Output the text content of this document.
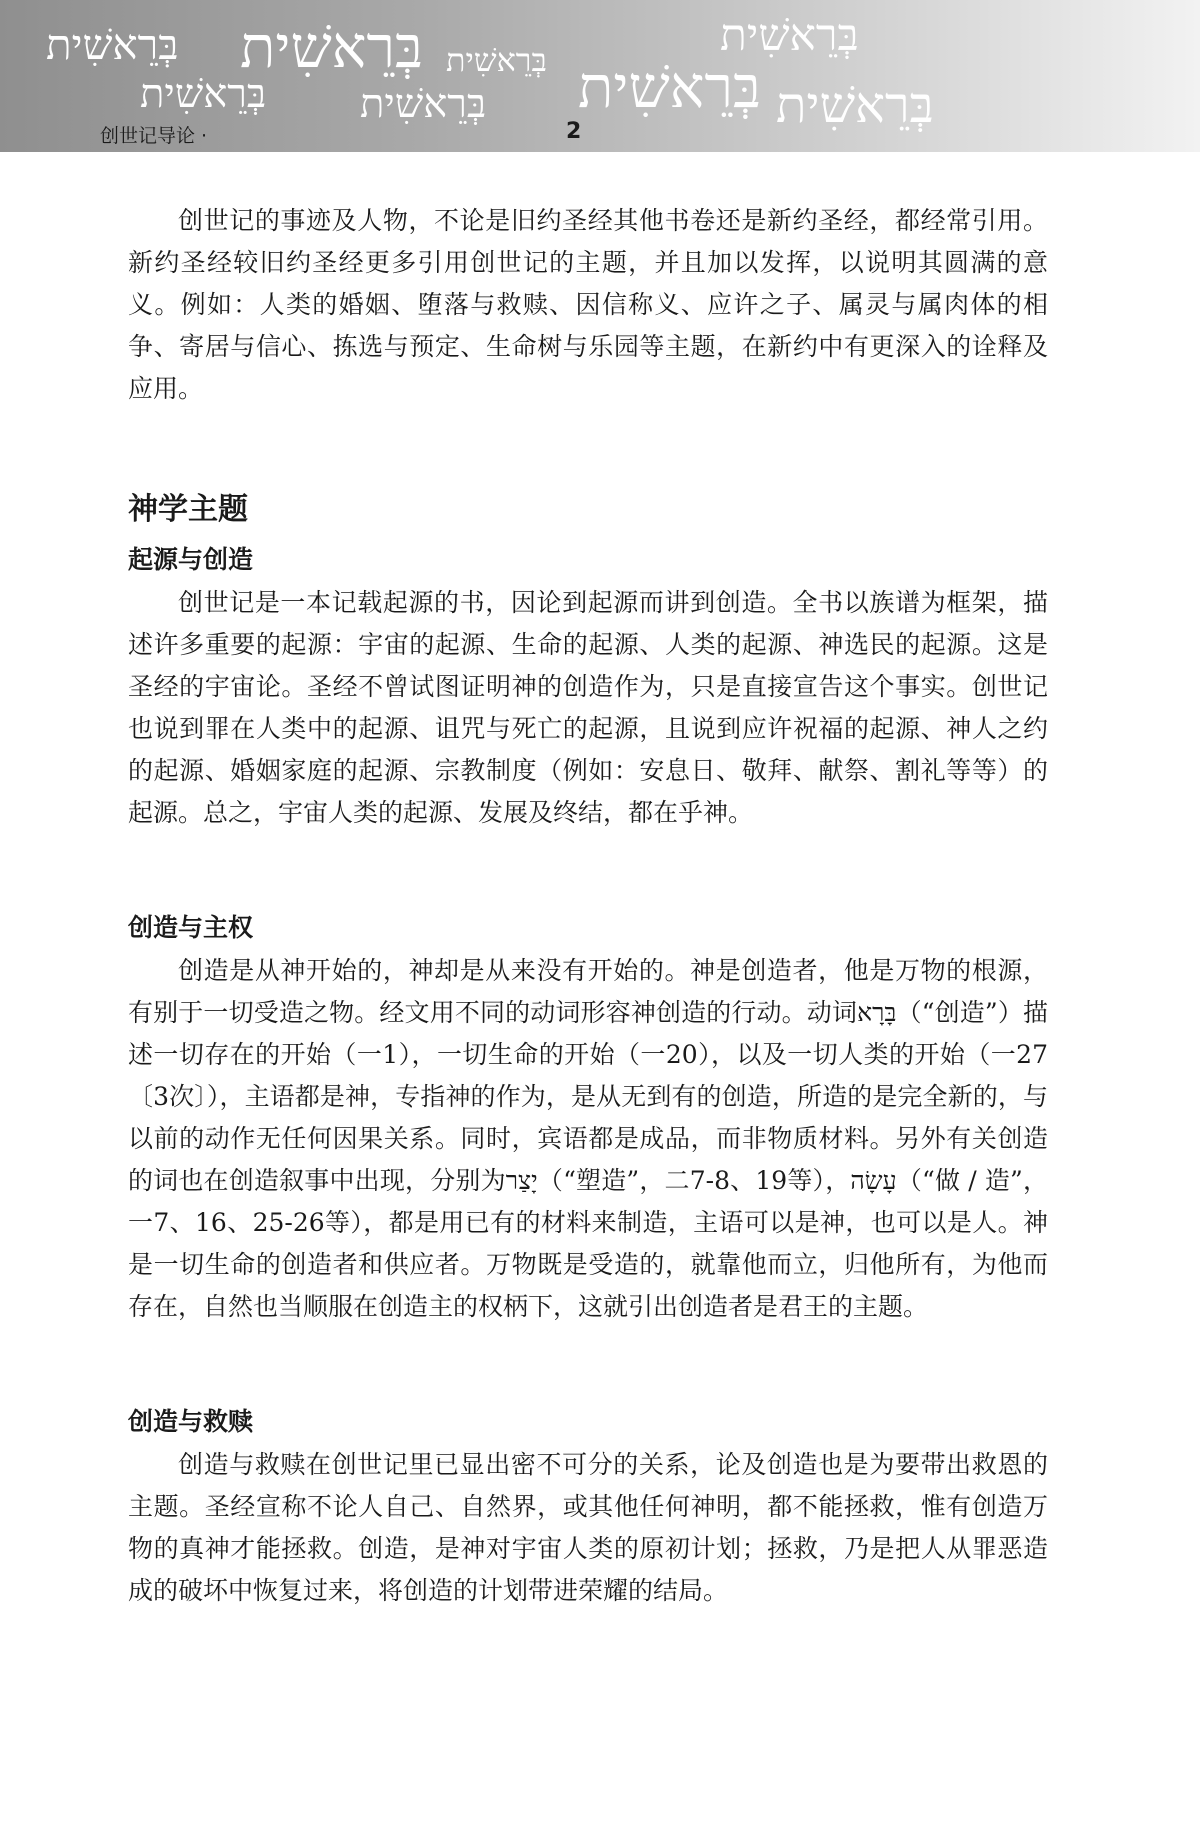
בְּרֵאשִׁית בְּרֵאשִׁית בְּרֵאשִׁית	בְּרֵאשִׁית
בְּרֵאשִׁית בְּרֵאשִׁית בְּרֵאשִׁית בְּרֵאשִׁית
创世记导论 ·	2

创世记的事迹及人物，不论是旧约圣经其他书卷还是新约圣经，都经常引用。新约圣经较旧约圣经更多引用创世记的主题，并且加以发挥，以说明其圆满的意义。例如：人类的婚姻、堕落与救赎、因信称义、应许之子、属灵与属肉体的相争、寄居与信心、拣选与预定、生命树与乐园等主题，在新约中有更深入的诠释及应用。

神学主题
起源与创造

创世记是一本记载起源的书，因论到起源而讲到创造。全书以族谱为框架，描述许多重要的起源：宇宙的起源、生命的起源、人类的起源、神选民的起源。这是圣经的宇宙论。圣经不曾试图证明神的创造作为，只是直接宣告这个事实。创世记也说到罪在人类中的起源、诅咒与死亡的起源，且说到应许祝福的起源、神人之约的起源、婚姻家庭的起源、宗教制度（例如：安息日、敬拜、献祭、割礼等等）的起源。总之，宇宙人类的起源、发展及终结，都在乎神。

创造与主权

创造是从神开始的，神却是从来没有开始的。神是创造者，他是万物的根源，有别于一切受造之物。经文用不同的动词形容神创造的行动。动词בָּרָא（“创造”）描述一切存在的开始（一1），一切生命的开始（一20），以及一切人类的开始（一27〔3次〕），主语都是神，专指神的作为，是从无到有的创造，所造的是完全新的，与以前的动作无任何因果关系。同时，宾语都是成品，而非物质材料。另外有关创造的词也在创造叙事中出现，分别为יָצַר（“塑造”，二7-8、19等），עָשָׂה（“做 / 造”，一7、16、25-26等），都是用已有的材料来制造，主语可以是神，也可以是人。神是一切生命的创造者和供应者。万物既是受造的，就靠他而立，归他所有，为他而存在，自然也当顺服在创造主的权柄下，这就引出创造者是君王的主题。

创造与救赎

创造与救赎在创世记里已显出密不可分的关系，论及创造也是为要带出救恩的主题。圣经宣称不论人自己、自然界，或其他任何神明，都不能拯救，惟有创造万物的真神才能拯救。创造，是神对宇宙人类的原初计划；拯救，乃是把人从罪恶造成的破坏中恢复过来，将创造的计划带进荣耀的结局。
